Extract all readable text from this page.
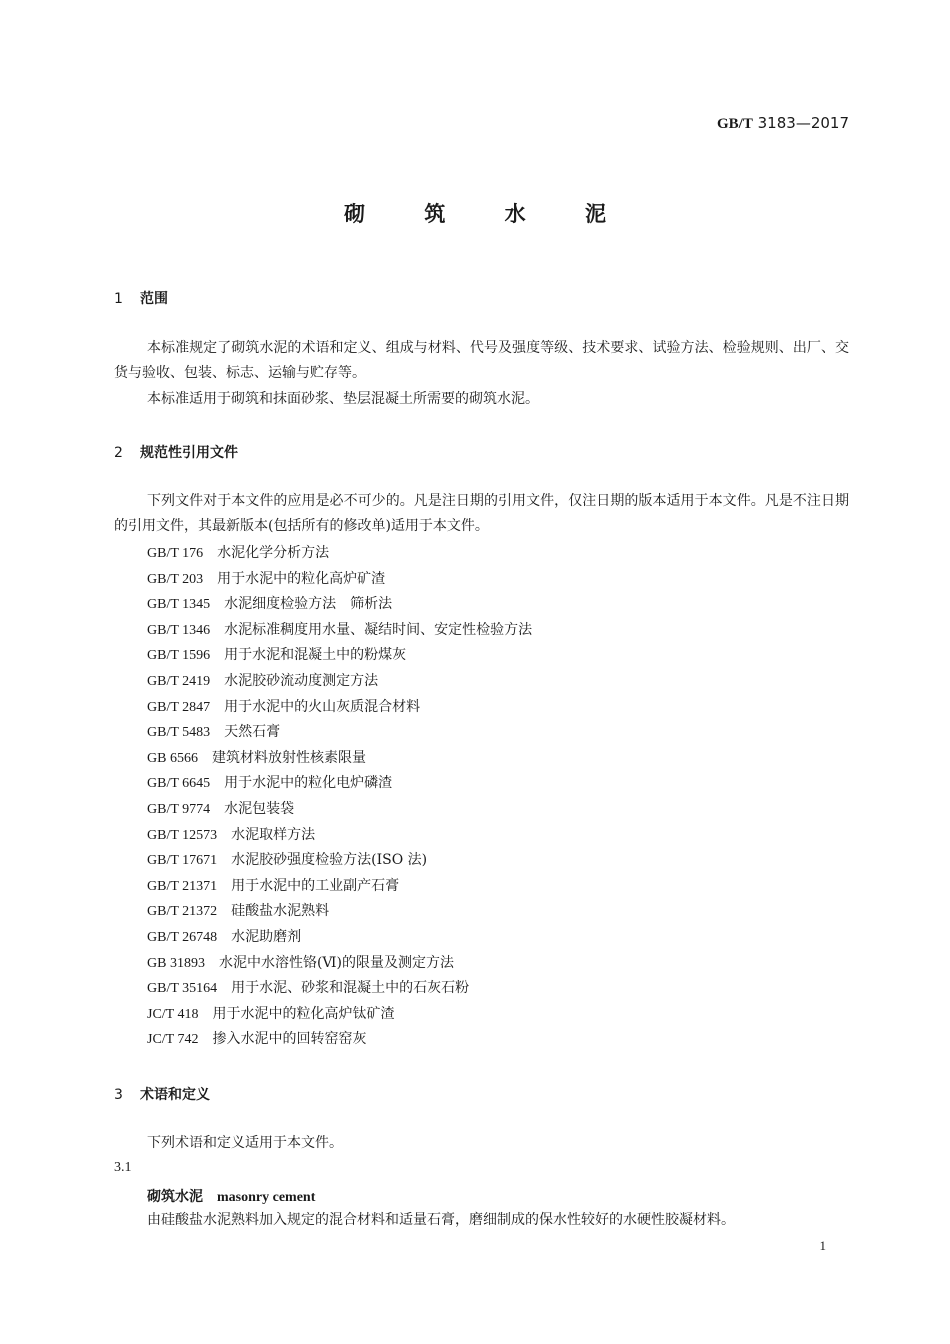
GB/T 3183—2017
砌 筑 水 泥
1 范围
本标准规定了砌筑水泥的术语和定义、组成与材料、代号及强度等级、技术要求、试验方法、检验规则、出厂、交货与验收、包装、标志、运输与贮存等。
本标准适用于砌筑和抹面砂浆、垫层混凝土所需要的砌筑水泥。
2 规范性引用文件
下列文件对于本文件的应用是必不可少的。凡是注日期的引用文件，仅注日期的版本适用于本文件。凡是不注日期的引用文件，其最新版本(包括所有的修改单)适用于本文件。
GB/T 176 水泥化学分析方法
GB/T 203 用于水泥中的粒化高炉矿渣
GB/T 1345 水泥细度检验方法　筛析法
GB/T 1346 水泥标准稠度用水量、凝结时间、安定性检验方法
GB/T 1596 用于水泥和混凝土中的粉煤灰
GB/T 2419 水泥胶砂流动度测定方法
GB/T 2847 用于水泥中的火山灰质混合材料
GB/T 5483 天然石膏
GB 6566 建筑材料放射性核素限量
GB/T 6645 用于水泥中的粒化电炉磷渣
GB/T 9774 水泥包装袋
GB/T 12573 水泥取样方法
GB/T 17671 水泥胶砂强度检验方法(ISO 法)
GB/T 21371 用于水泥中的工业副产石膏
GB/T 21372 硅酸盐水泥熟料
GB/T 26748 水泥助磨剂
GB 31893 水泥中水溶性铬(Ⅵ)的限量及测定方法
GB/T 35164 用于水泥、砂浆和混凝土中的石灰石粉
JC/T 418 用于水泥中的粒化高炉钛矿渣
JC/T 742 掺入水泥中的回转窑窑灰
3 术语和定义
下列术语和定义适用于本文件。
3.1
砌筑水泥 masonry cement
由硅酸盐水泥熟料加入规定的混合材料和适量石膏，磨细制成的保水性较好的水硬性胶凝材料。
1
